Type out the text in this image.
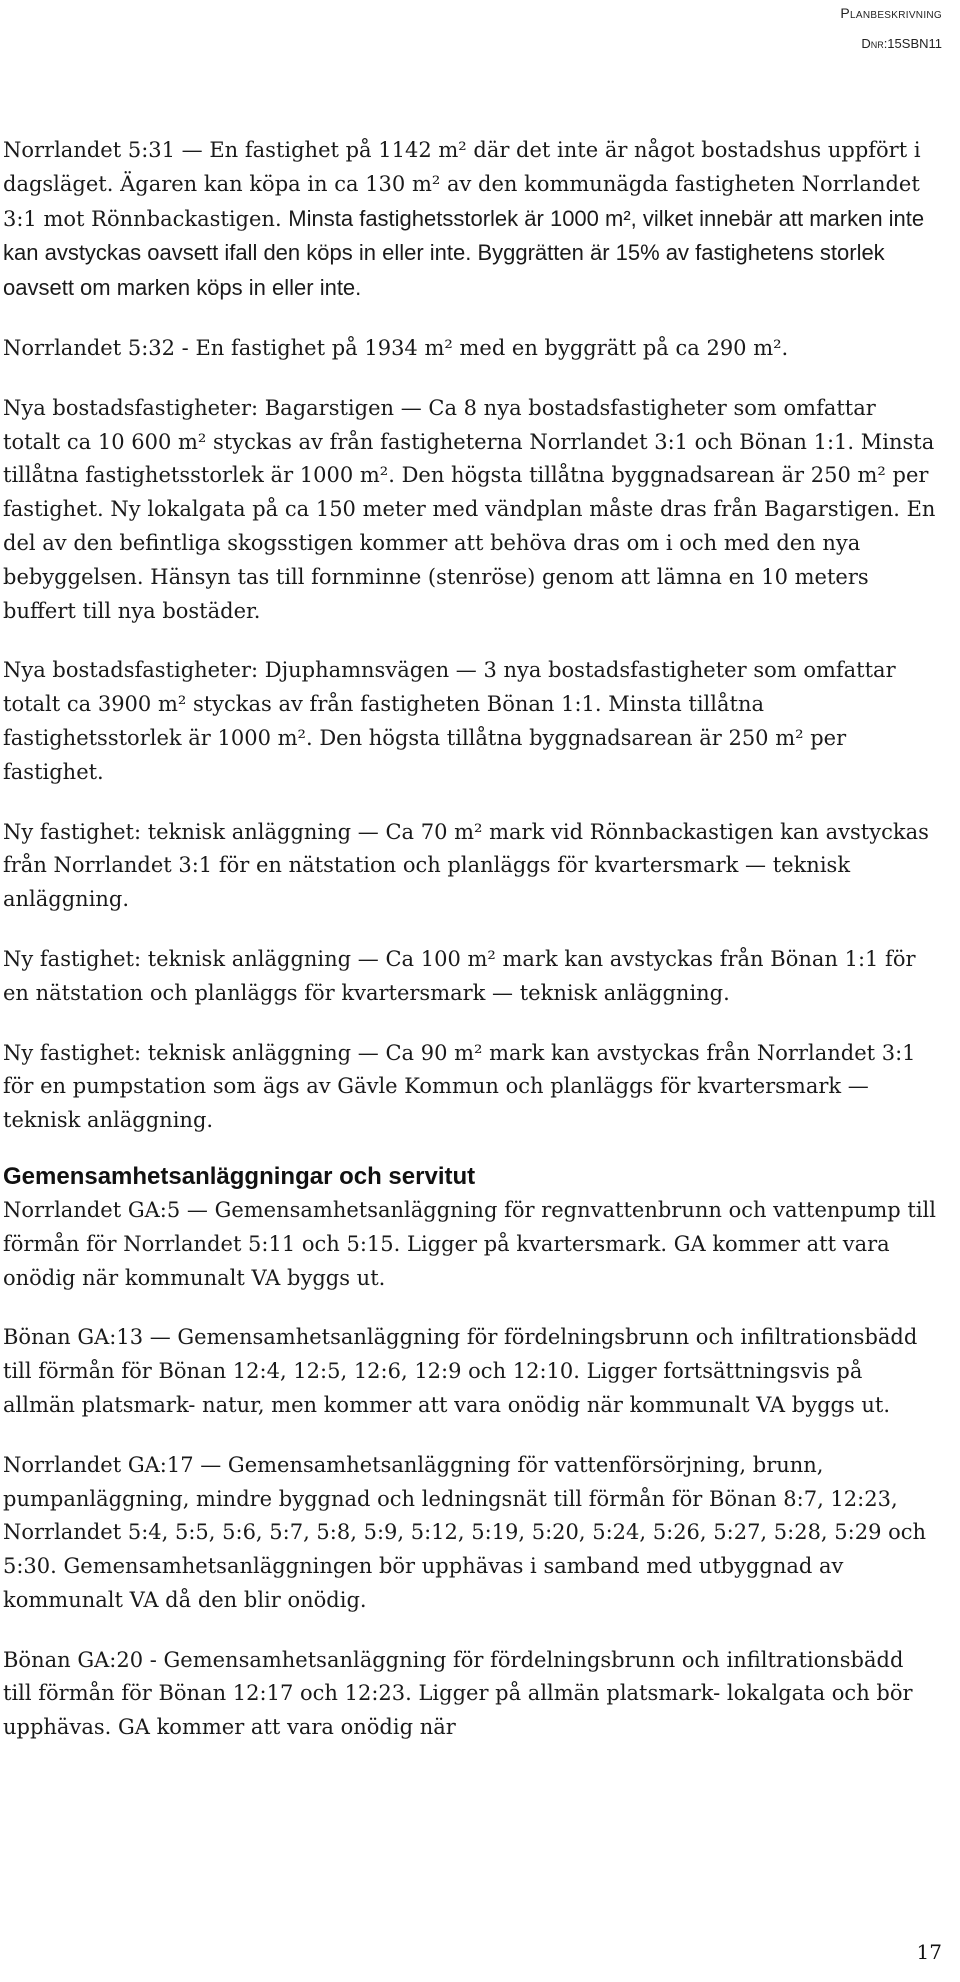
Planbeskrivning
Dnr:15SBN11

Norrlandet 5:31 — En fastighet på 1142 m² där det inte är något bostadshus uppfört i dagsläget. Ägaren kan köpa in ca 130 m² av den kommunägda fastigheten Norrlandet 3:1 mot Rönnbackastigen. Minsta fastighetsstorlek är 1000 m², vilket innebär att marken inte kan avstyckas oavsett ifall den köps in eller inte. Byggrätten är 15% av fastighetens storlek oavsett om marken köps in eller inte.

Norrlandet 5:32 - En fastighet på 1934 m² med en byggrätt på ca 290 m².

Nya bostadsfastigheter: Bagarstigen — Ca 8 nya bostadsfastigheter som omfattar totalt ca 10 600 m² styckas av från fastigheterna Norrlandet 3:1 och Bönan 1:1. Minsta tillåtna fastighetsstorlek är 1000 m². Den högsta tillåtna byggnadsarean är 250 m² per fastighet. Ny lokalgata på ca 150 meter med vändplan måste dras från Bagarstigen. En del av den befintliga skogsstigen kommer att behöva dras om i och med den nya bebyggelsen. Hänsyn tas till fornminne (stenröse) genom att lämna en 10 meters buffert till nya bostäder.

Nya bostadsfastigheter: Djuphamnsvägen — 3 nya bostadsfastigheter som omfattar totalt ca 3900 m² styckas av från fastigheten Bönan 1:1. Minsta tillåtna fastighetsstorlek är 1000 m². Den högsta tillåtna byggnadsarean är 250 m² per fastighet.

Ny fastighet: teknisk anläggning — Ca 70 m² mark vid Rönnbackastigen kan avstyckas från Norrlandet 3:1 för en nätstation och planläggs för kvartersmark — teknisk anläggning.

Ny fastighet: teknisk anläggning — Ca 100 m² mark kan avstyckas från Bönan 1:1 för en nätstation och planläggs för kvartersmark — teknisk anläggning.

Ny fastighet: teknisk anläggning — Ca 90 m² mark kan avstyckas från Norrlandet 3:1 för en pumpstation som ägs av Gävle Kommun och planläggs för kvartersmark — teknisk anläggning.

Gemensamhetsanläggningar och servitut

Norrlandet GA:5 — Gemensamhetsanläggning för regnvattenbrunn och vattenpump till förmån för Norrlandet 5:11 och 5:15. Ligger på kvartersmark. GA kommer att vara onödig när kommunalt VA byggs ut.

Bönan GA:13 — Gemensamhetsanläggning för fördelningsbrunn och infiltrationsbädd till förmån för Bönan 12:4, 12:5, 12:6, 12:9 och 12:10. Ligger fortsättningsvis på allmän platsmark- natur, men kommer att vara onödig när kommunalt VA byggs ut.

Norrlandet GA:17 — Gemensamhetsanläggning för vattenförsörjning, brunn, pumpanläggning, mindre byggnad och ledningsnät till förmån för Bönan 8:7, 12:23, Norrlandet 5:4, 5:5, 5:6, 5:7, 5:8, 5:9, 5:12, 5:19, 5:20, 5:24, 5:26, 5:27, 5:28, 5:29 och 5:30. Gemensamhetsanläggningen bör upphävas i samband med utbyggnad av kommunalt VA då den blir onödig.

Bönan GA:20 - Gemensamhetsanläggning för fördelningsbrunn och infiltrationsbädd till förmån för Bönan 12:17 och 12:23. Ligger på allmän platsmark- lokalgata och bör upphävas. GA kommer att vara onödig när

17
